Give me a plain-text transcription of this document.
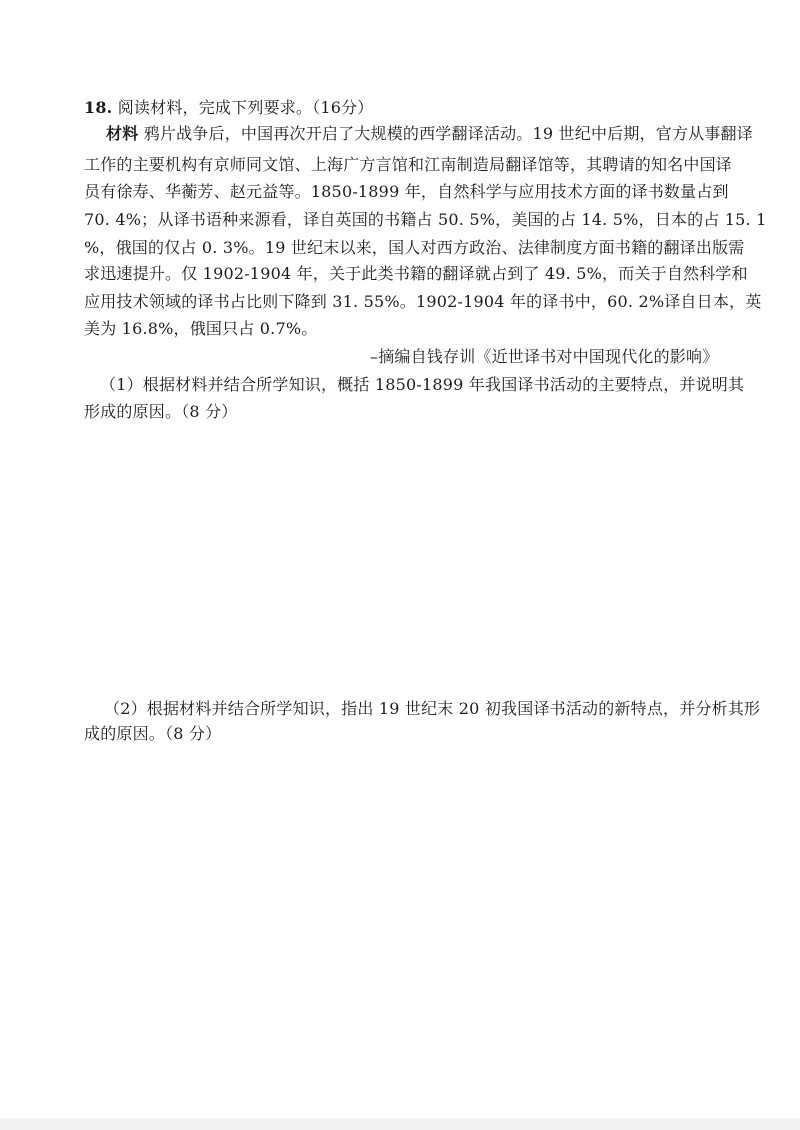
18. 阅读材料，完成下列要求。（16分）
材料 鸦片战争后，中国再次开启了大规模的西学翻译活动。19 世纪中后期，官方从事翻译
工作的主要机构有京师同文馆、上海广方言馆和江南制造局翻译馆等，其聘请的知名中国译
员有徐寿、华蘅芳、赵元益等。1850-1899 年，自然科学与应用技术方面的译书数量占到
70. 4%；从译书语种来源看，译自英国的书籍占 50. 5%，美国的占 14. 5%，日本的占 15. 1
%，俄国的仅占 0. 3%。19 世纪末以来，国人对西方政治、法律制度方面书籍的翻译出版需
求迅速提升。仅 1902-1904 年，关于此类书籍的翻译就占到了 49. 5%，而关于自然科学和
应用技术领域的译书占比则下降到 31. 55%。1902-1904 年的译书中，60. 2%译自日本，英
美为 16.8%，俄国只占 0.7%。
–摘编自钱存训《近世译书对中国现代化的影响》
（1）根据材料并结合所学知识，概括 1850-1899 年我国译书活动的主要特点，并说明其
形成的原因。（8 分）
（2）根据材料并结合所学知识，指出 19 世纪末 20 初我国译书活动的新特点，并分析其形
成的原因。（8 分）
